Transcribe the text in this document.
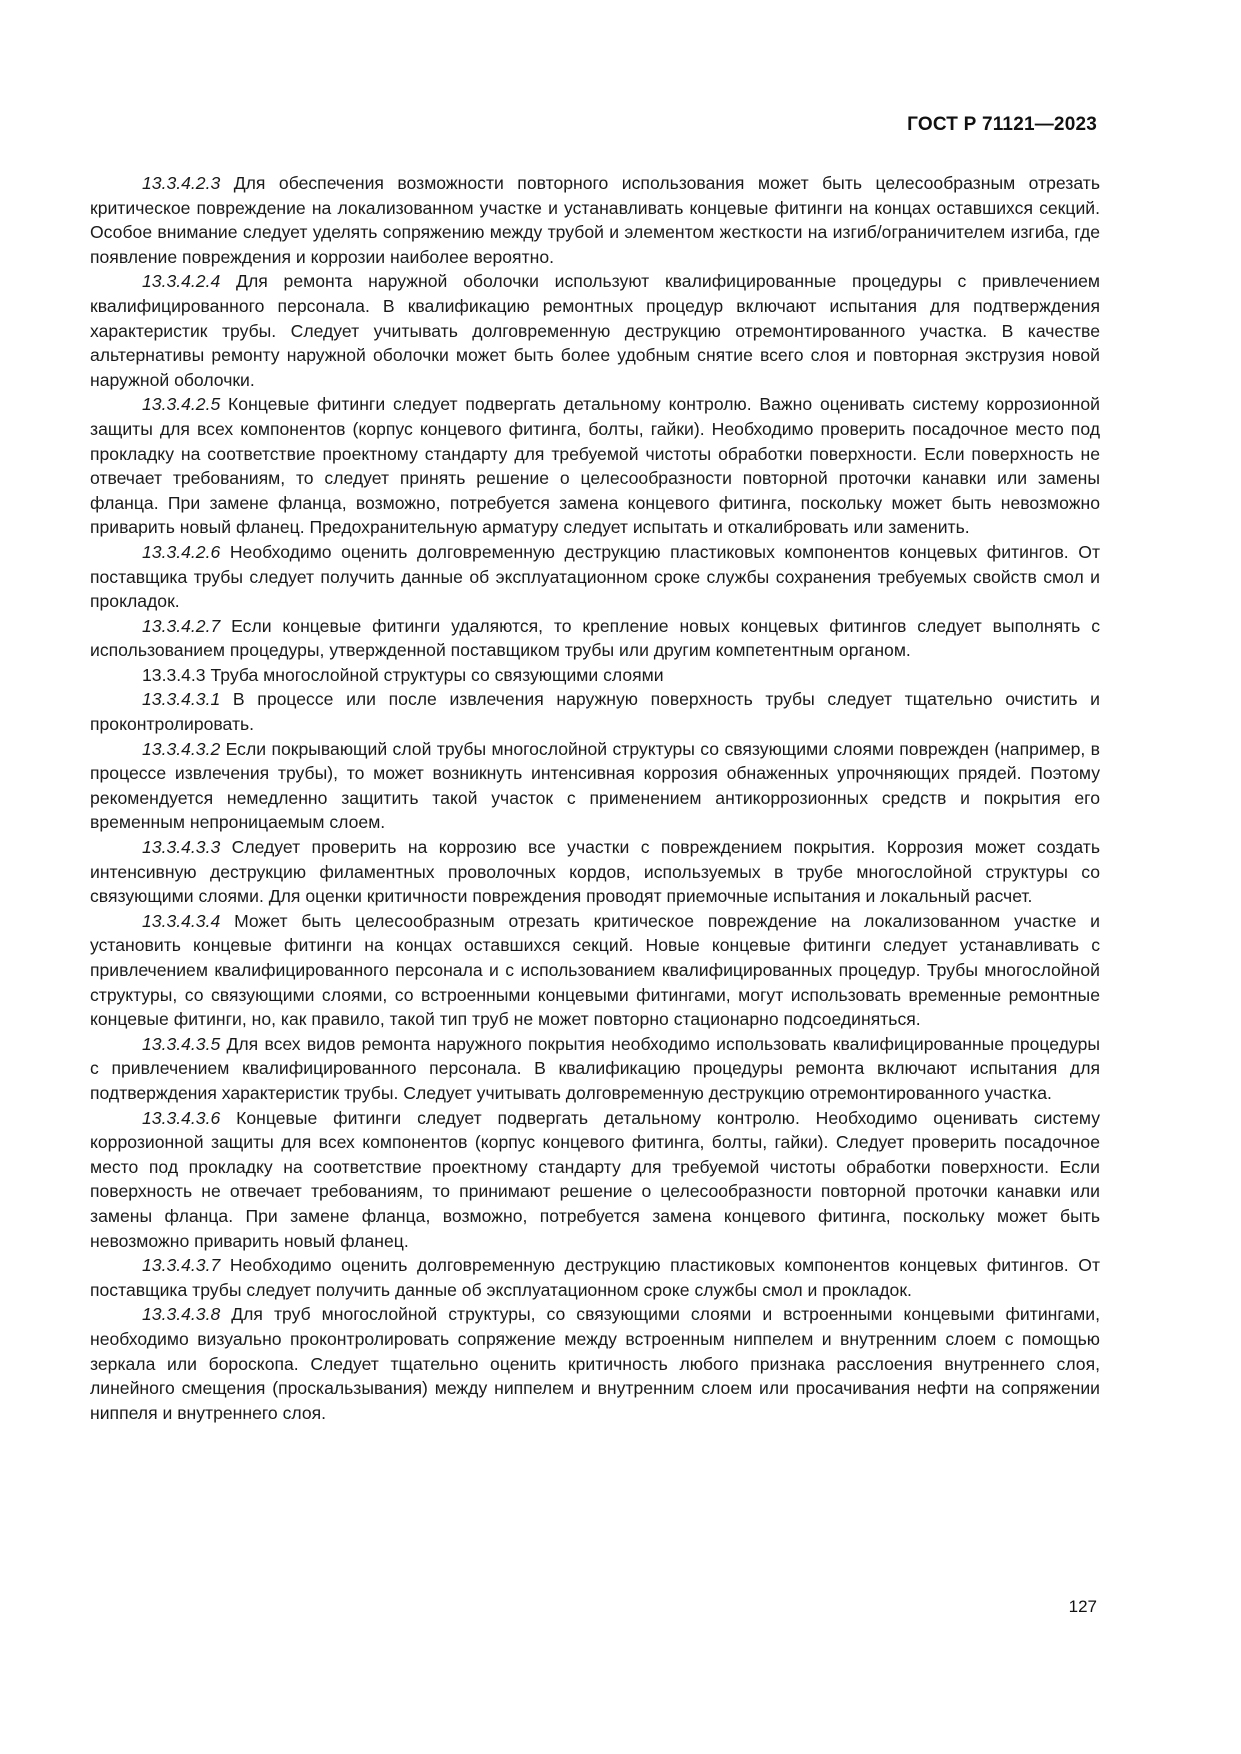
ГОСТ Р 71121—2023

13.3.4.2.3 Для обеспечения возможности повторного использования может быть целесообразным отрезать критическое повреждение на локализованном участке и устанавливать концевые фитинги на концах оставшихся секций. Особое внимание следует уделять сопряжению между трубой и элементом жесткости на изгиб/ограничителем изгиба, где появление повреждения и коррозии наиболее вероятно.

13.3.4.2.4 Для ремонта наружной оболочки используют квалифицированные процедуры с привлечением квалифицированного персонала. В квалификацию ремонтных процедур включают испытания для подтверждения характеристик трубы. Следует учитывать долговременную деструкцию отремонтированного участка. В качестве альтернативы ремонту наружной оболочки может быть более удобным снятие всего слоя и повторная экструзия новой наружной оболочки.

13.3.4.2.5 Концевые фитинги следует подвергать детальному контролю. Важно оценивать систему коррозионной защиты для всех компонентов (корпус концевого фитинга, болты, гайки). Необходимо проверить посадочное место под прокладку на соответствие проектному стандарту для требуемой чистоты обработки поверхности. Если поверхность не отвечает требованиям, то следует принять решение о целесообразности повторной проточки канавки или замены фланца. При замене фланца, возможно, потребуется замена концевого фитинга, поскольку может быть невозможно приварить новый фланец. Предохранительную арматуру следует испытать и откалибровать или заменить.

13.3.4.2.6 Необходимо оценить долговременную деструкцию пластиковых компонентов концевых фитингов. От поставщика трубы следует получить данные об эксплуатационном сроке службы сохранения требуемых свойств смол и прокладок.

13.3.4.2.7 Если концевые фитинги удаляются, то крепление новых концевых фитингов следует выполнять с использованием процедуры, утвержденной поставщиком трубы или другим компетентным органом.

13.3.4.3 Труба многослойной структуры со связующими слоями

13.3.4.3.1 В процессе или после извлечения наружную поверхность трубы следует тщательно очистить и проконтролировать.

13.3.4.3.2 Если покрывающий слой трубы многослойной структуры со связующими слоями поврежден (например, в процессе извлечения трубы), то может возникнуть интенсивная коррозия обнаженных упрочняющих прядей. Поэтому рекомендуется немедленно защитить такой участок с применением антикоррозионных средств и покрытия его временным непроницаемым слоем.

13.3.4.3.3 Следует проверить на коррозию все участки с повреждением покрытия. Коррозия может создать интенсивную деструкцию филаментных проволочных кордов, используемых в трубе многослойной структуры со связующими слоями. Для оценки критичности повреждения проводят приемочные испытания и локальный расчет.

13.3.4.3.4 Может быть целесообразным отрезать критическое повреждение на локализованном участке и установить концевые фитинги на концах оставшихся секций. Новые концевые фитинги следует устанавливать с привлечением квалифицированного персонала и с использованием квалифицированных процедур. Трубы многослойной структуры, со связующими слоями, со встроенными концевыми фитингами, могут использовать временные ремонтные концевые фитинги, но, как правило, такой тип труб не может повторно стационарно подсоединяться.

13.3.4.3.5 Для всех видов ремонта наружного покрытия необходимо использовать квалифицированные процедуры с привлечением квалифицированного персонала. В квалификацию процедуры ремонта включают испытания для подтверждения характеристик трубы. Следует учитывать долговременную деструкцию отремонтированного участка.

13.3.4.3.6 Концевые фитинги следует подвергать детальному контролю. Необходимо оценивать систему коррозионной защиты для всех компонентов (корпус концевого фитинга, болты, гайки). Следует проверить посадочное место под прокладку на соответствие проектному стандарту для требуемой чистоты обработки поверхности. Если поверхность не отвечает требованиям, то принимают решение о целесообразности повторной проточки канавки или замены фланца. При замене фланца, возможно, потребуется замена концевого фитинга, поскольку может быть невозможно приварить новый фланец.

13.3.4.3.7 Необходимо оценить долговременную деструкцию пластиковых компонентов концевых фитингов. От поставщика трубы следует получить данные об эксплуатационном сроке службы смол и прокладок.

13.3.4.3.8 Для труб многослойной структуры, со связующими слоями и встроенными концевыми фитингами, необходимо визуально проконтролировать сопряжение между встроенным ниппелем и внутренним слоем с помощью зеркала или бороскопа. Следует тщательно оценить критичность любого признака расслоения внутреннего слоя, линейного смещения (проскальзывания) между ниппелем и внутренним слоем или просачивания нефти на сопряжении ниппеля и внутреннего слоя.

127
